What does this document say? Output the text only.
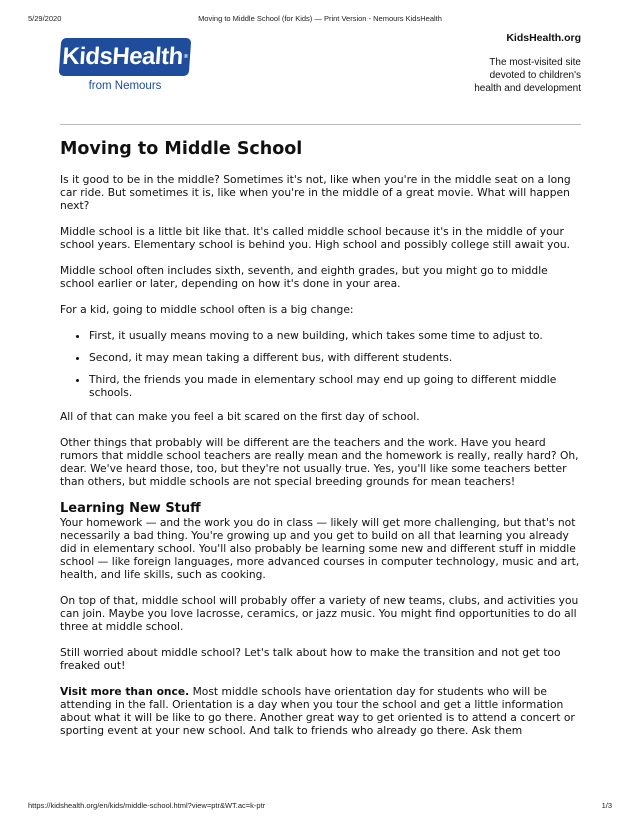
5/29/2020	Moving to Middle School (for Kids) — Print Version - Nemours KidsHealth
KidsHealth ®
from Nemours
KidsHealth.org
The most-visited site
devoted to children's
health and development
Moving to Middle School

Is it good to be in the middle? Sometimes it's not, like when you're in the middle seat on a long car ride. But sometimes it is, like when you're in the middle of a great movie. What will happen next?

Middle school is a little bit like that. It's called middle school because it's in the middle of your school years. Elementary school is behind you. High school and possibly college still await you.

Middle school often includes sixth, seventh, and eighth grades, but you might go to middle school earlier or later, depending on how it's done in your area.

For a kid, going to middle school often is a big change:

• First, it usually means moving to a new building, which takes some time to adjust to.
• Second, it may mean taking a different bus, with different students.
• Third, the friends you made in elementary school may end up going to different middle schools.

All of that can make you feel a bit scared on the first day of school.

Other things that probably will be different are the teachers and the work. Have you heard rumors that middle school teachers are really mean and the homework is really, really hard? Oh, dear. We've heard those, too, but they're not usually true. Yes, you'll like some teachers better than others, but middle schools are not special breeding grounds for mean teachers!

Learning New Stuff

Your homework — and the work you do in class — likely will get more challenging, but that's not necessarily a bad thing. You're growing up and you get to build on all that learning you already did in elementary school. You'll also probably be learning some new and different stuff in middle school — like foreign languages, more advanced courses in computer technology, music and art, health, and life skills, such as cooking.

On top of that, middle school will probably offer a variety of new teams, clubs, and activities you can join. Maybe you love lacrosse, ceramics, or jazz music. You might find opportunities to do all three at middle school.

Still worried about middle school? Let's talk about how to make the transition and not get too freaked out!

Visit more than once. Most middle schools have orientation day for students who will be attending in the fall. Orientation is a day when you tour the school and get a little information about what it will be like to go there. Another great way to get oriented is to attend a concert or sporting event at your new school. And talk to friends who already go there. Ask them

https://kidshealth.org/en/kids/middle-school.html?view=ptr&WT.ac=k-ptr	1/3
